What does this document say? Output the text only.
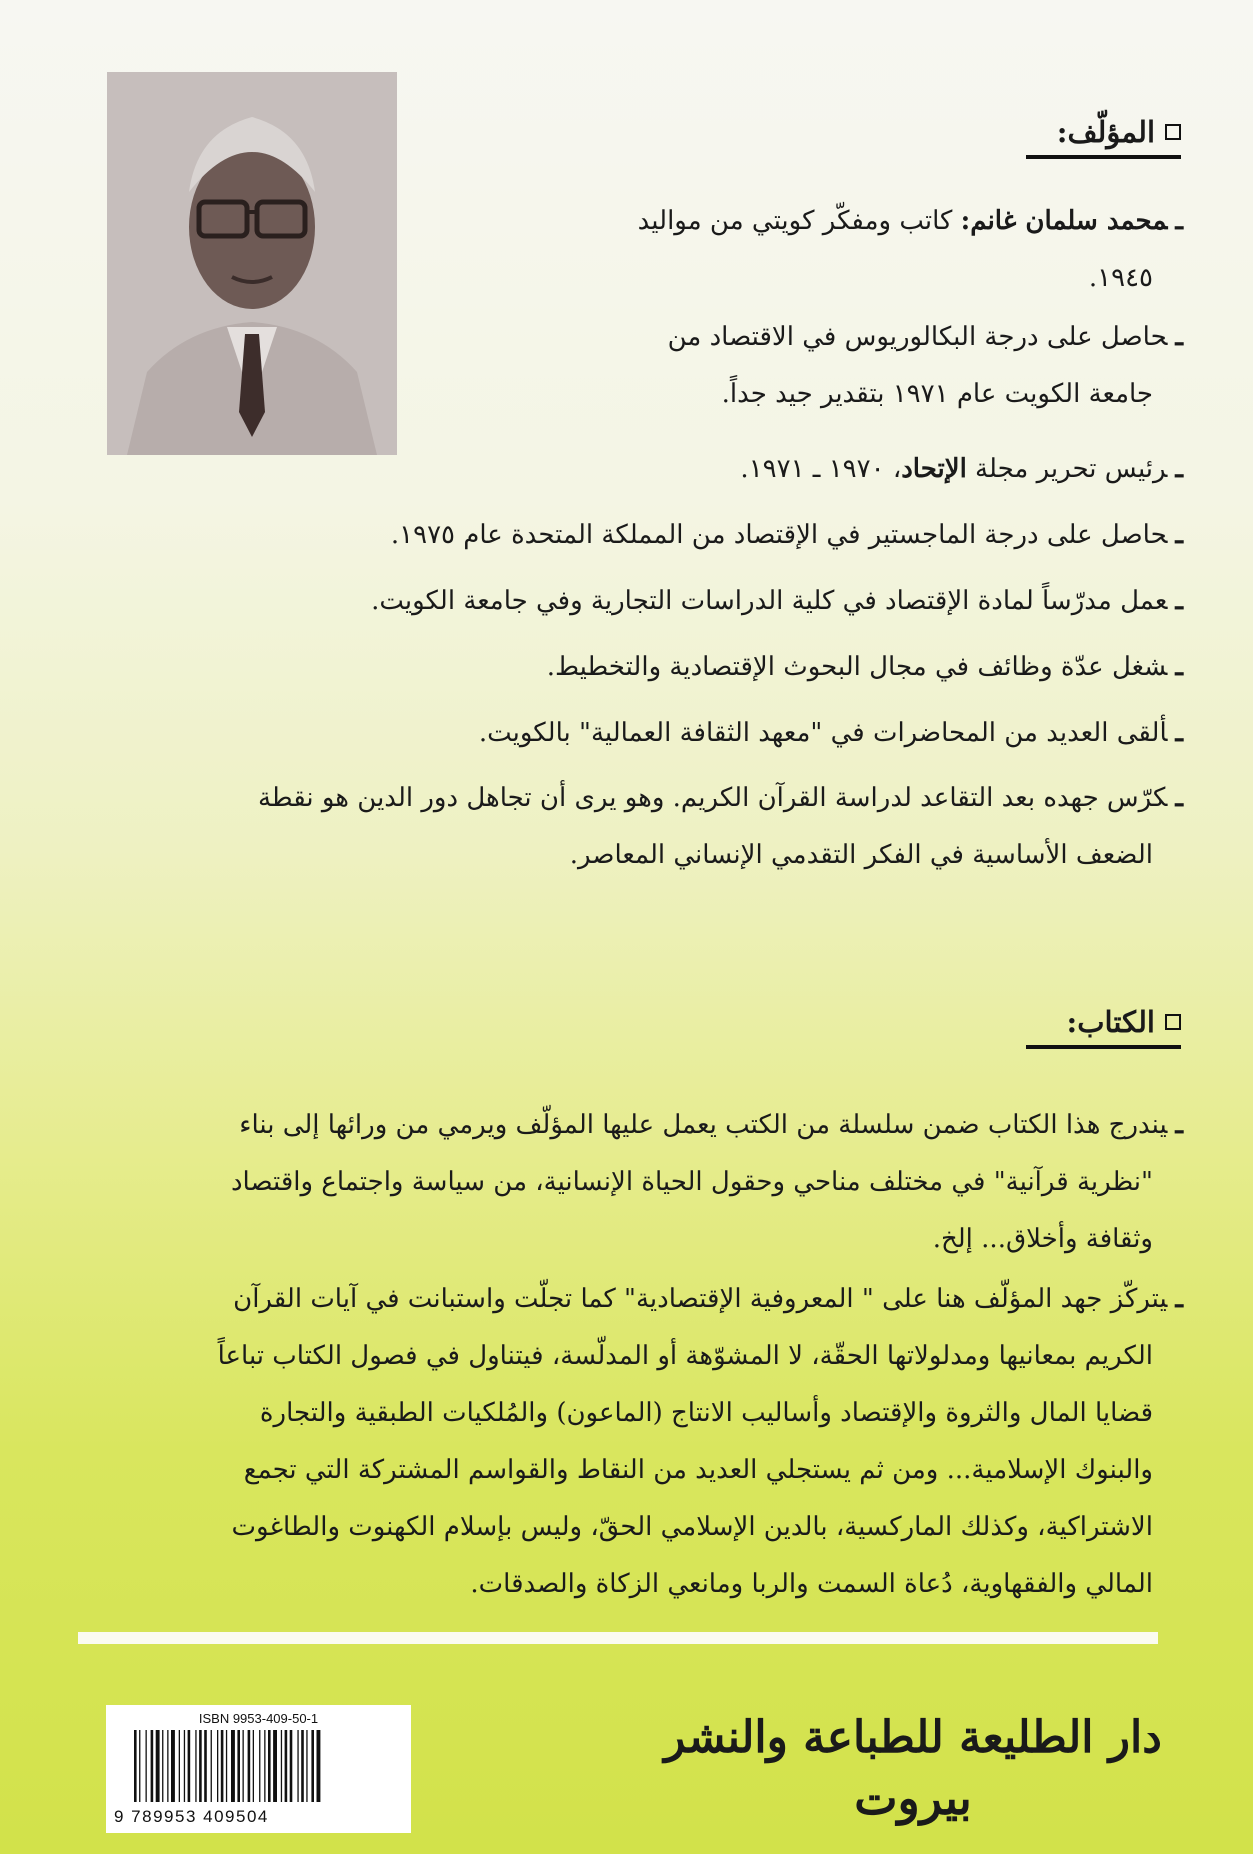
المؤلّف:
ـمحمد سلمان غانم: كاتب ومفكّر كويتي من مواليد
١٩٤٥.
ـحاصل على درجة البكالوريوس في الاقتصاد من
جامعة الكويت عام ١٩٧١ بتقدير جيد جداً.
ـرئيس تحرير مجلة الإتحاد، ١٩٧٠ ـ ١٩٧١.
ـحاصل على درجة الماجستير في الإقتصاد من المملكة المتحدة عام ١٩٧٥.
ـعمل مدرّساً لمادة الإقتصاد في كلية الدراسات التجارية وفي جامعة الكويت.
ـشغل عدّة وظائف في مجال البحوث الإقتصادية والتخطيط.
ـألقى العديد من المحاضرات في "معهد الثقافة العمالية" بالكويت.
ـكرّس جهده بعد التقاعد لدراسة القرآن الكريم. وهو يرى أن تجاهل دور الدين هو نقطة
الضعف الأساسية في الفكر التقدمي الإنساني المعاصر.
الكتاب:
ـيندرج هذا الكتاب ضمن سلسلة من الكتب يعمل عليها المؤلّف ويرمي من ورائها إلى بناء
"نظرية قرآنية" في مختلف مناحي وحقول الحياة الإنسانية، من سياسة واجتماع واقتصاد
وثقافة وأخلاق... إلخ.
ـيتركّز جهد المؤلّف هنا على " المعروفية الإقتصادية" كما تجلّت واستبانت في آيات القرآن
الكريم بمعانيها ومدلولاتها الحقّة، لا المشوّهة أو المدلّسة، فيتناول في فصول الكتاب تباعاً
قضايا المال والثروة والإقتصاد وأساليب الانتاج (الماعون) والمُلكيات الطبقية والتجارة
والبنوك الإسلامية... ومن ثم يستجلي العديد من النقاط والقواسم المشتركة التي تجمع
الاشتراكية، وكذلك الماركسية، بالدين الإسلامي الحقّ، وليس بإسلام الكهنوت والطاغوت
المالي والفقهاوية، دُعاة السمت والربا ومانعي الزكاة والصدقات.
ISBN 9953-409-50-1
9 789953 409504
دار الطليعة للطباعة والنشر
بيروت
